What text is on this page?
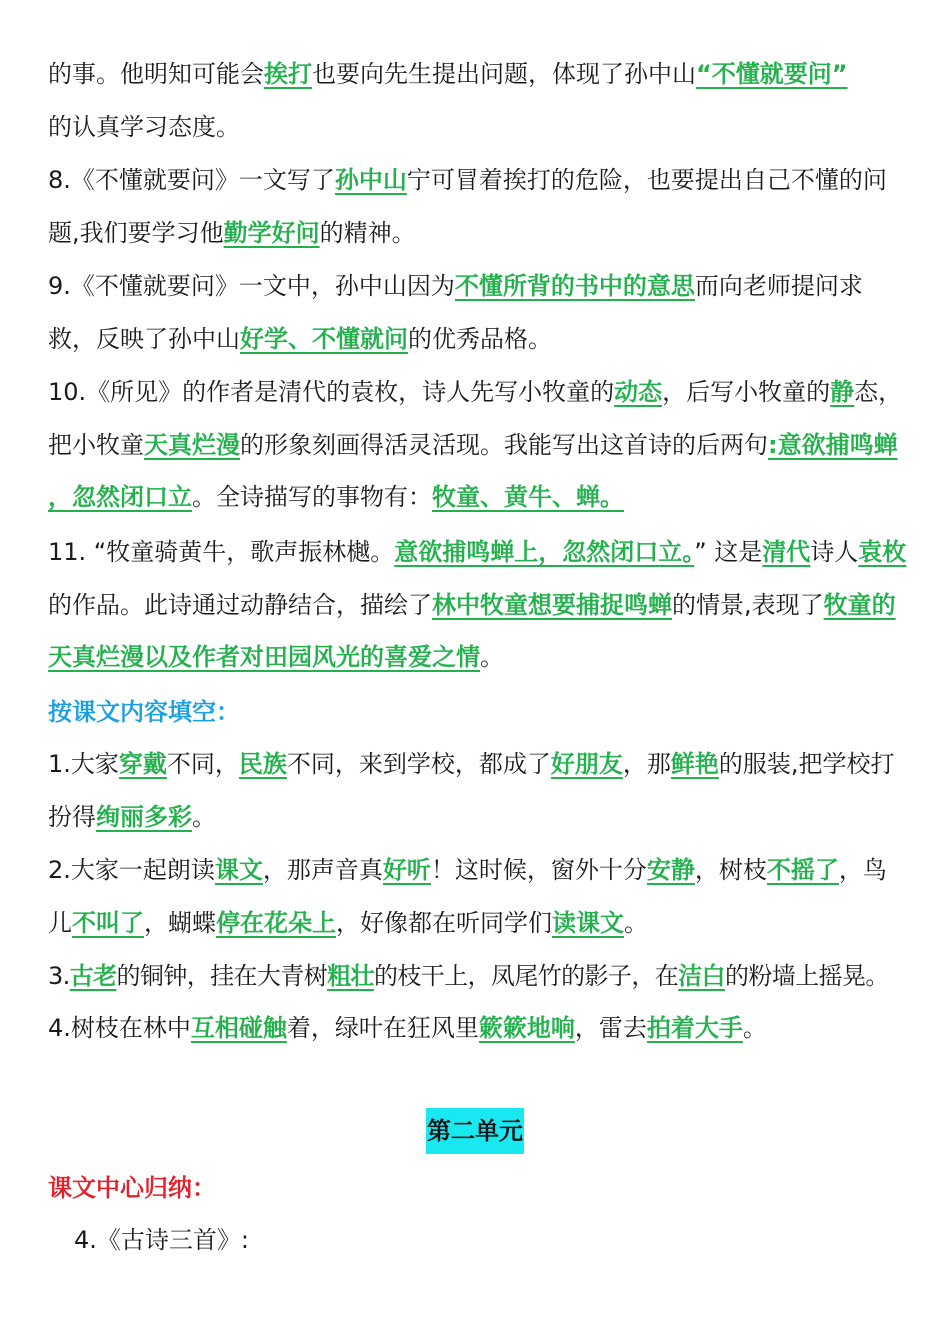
的事。他明知可能会挨打也要向先生提出问题，体现了孙中山“不懂就要问”
的认真学习态度。

8.《不懂就要问》一文写了孙中山宁可冒着挨打的危险，也要提出自己不懂的问题,我们要学习他勤学好问的精神。

9.《不懂就要问》一文中，孙中山因为不懂所背的书中的意思而向老师提问求救，反映了孙中山好学、不懂就问的优秀品格。

10.《所见》的作者是清代的袁枚，诗人先写小牧童的动态，后写小牧童的静态，把小牧童天真烂漫的形象刻画得活灵活现。我能写出这首诗的后两句:意欲捕鸣蝉 ，忽然闭口立。全诗描写的事物有：牧童、黄牛、蝉。

11. “牧童骑黄牛，歌声振林樾。意欲捕鸣蝉上，忽然闭口立。” 这是清代诗人袁枚的作品。此诗通过动静结合，描绘了林中牧童想要捕捉鸣蝉的情景,表现了牧童的天真烂漫以及作者对田园风光的喜爱之情。

按课文内容填空：

1.大家穿戴不同，民族不同，来到学校，都成了好朋友，那鲜艳的服装,把学校打扮得绚丽多彩。

2.大家一起朗读课文，那声音真好听！这时候，窗外十分安静，树枝不摇了，鸟儿不叫了，蝴蝶停在花朵上，好像都在听同学们读课文。

3.古老的铜钟，挂在大青树粗壮的枝干上，凤尾竹的影子，在洁白的粉墙上摇晃。

4.树枝在林中互相碰触着，绿叶在狂风里簌簌地响，雷去拍着大手。

第二单元
课文中心归纳：
4.《古诗三首》:
